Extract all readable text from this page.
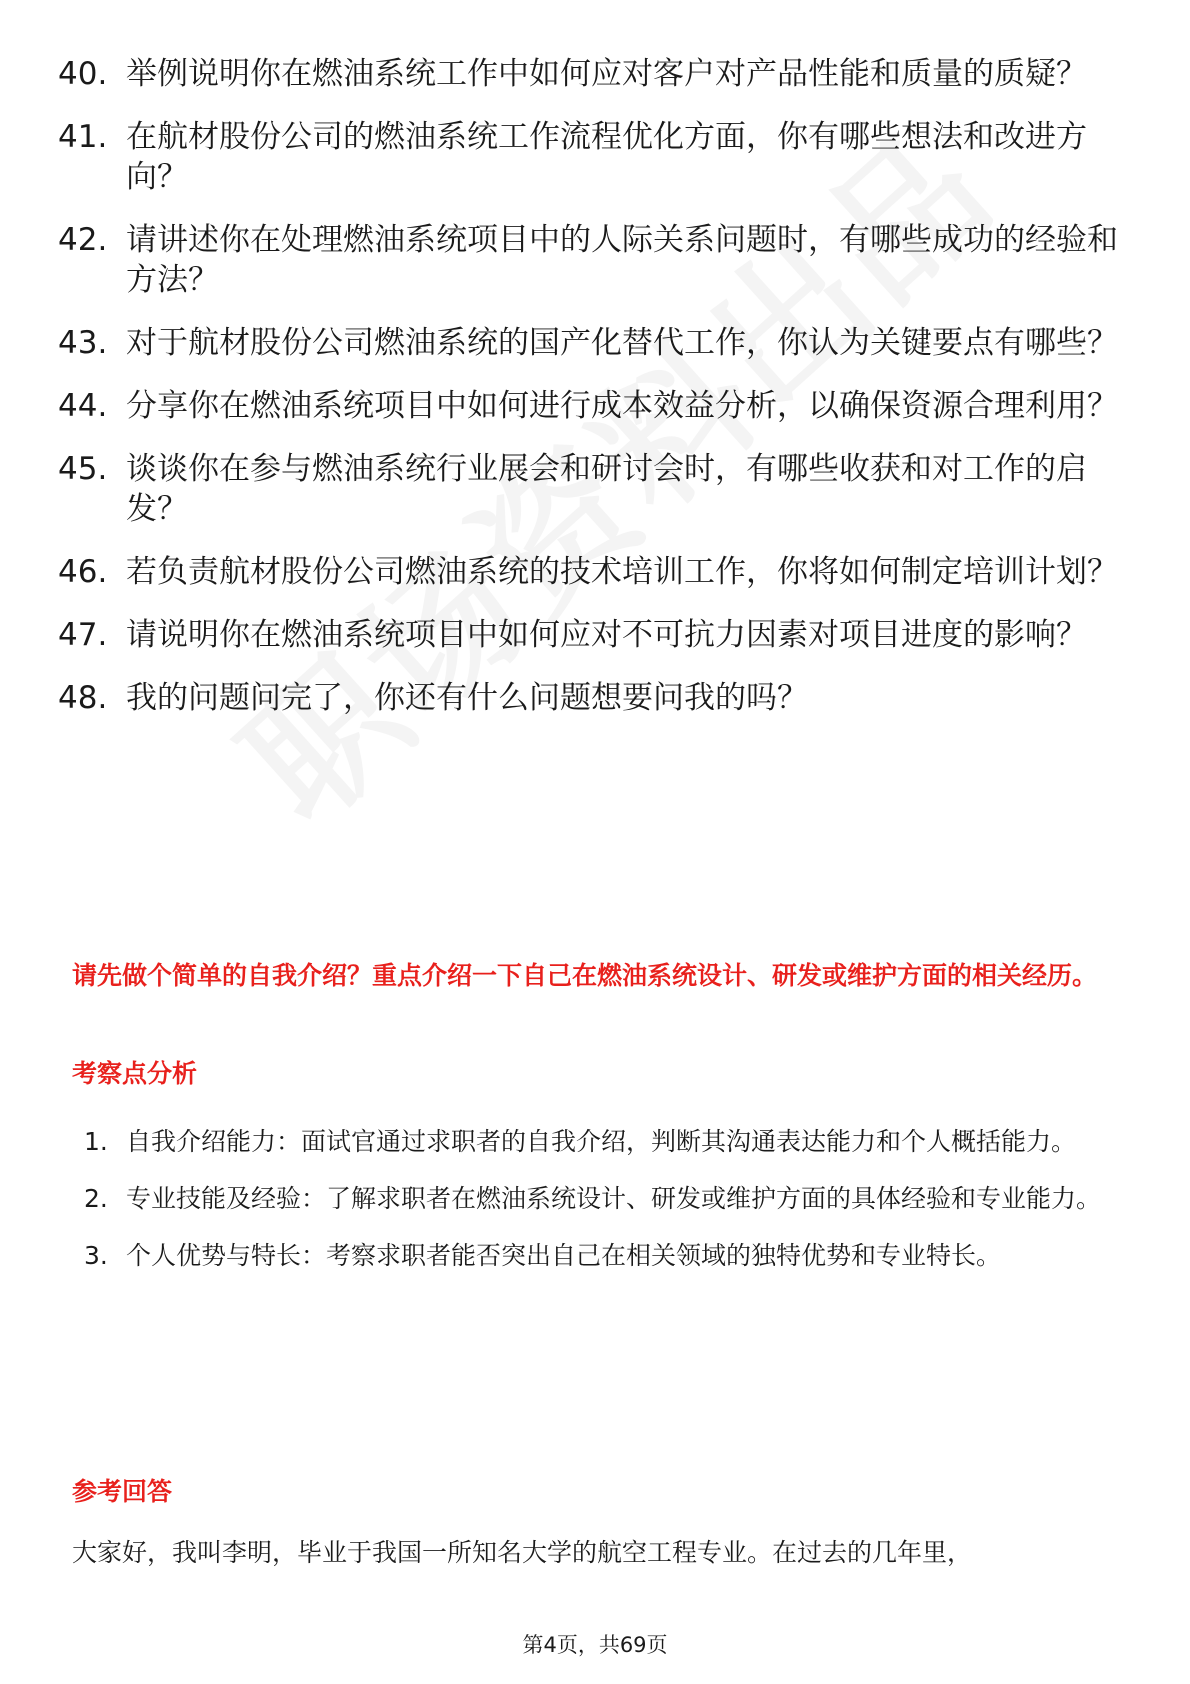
40. 举例说明你在燃油系统工作中如何应对客户对产品性能和质量的质疑？
41. 在航材股份公司的燃油系统工作流程优化方面，你有哪些想法和改进方向？
42. 请讲述你在处理燃油系统项目中的人际关系问题时，有哪些成功的经验和方法？
43. 对于航材股份公司燃油系统的国产化替代工作，你认为关键要点有哪些？
44. 分享你在燃油系统项目中如何进行成本效益分析，以确保资源合理利用？
45. 谈谈你在参与燃油系统行业展会和研讨会时，有哪些收获和对工作的启发？
46. 若负责航材股份公司燃油系统的技术培训工作，你将如何制定培训计划？
47. 请说明你在燃油系统项目中如何应对不可抗力因素对项目进度的影响？
48. 我的问题问完了，你还有什么问题想要问我的吗？
请先做个简单的自我介绍？重点介绍一下自己在燃油系统设计、研发或维护方面的相关经历。
考察点分析
1. 自我介绍能力：面试官通过求职者的自我介绍，判断其沟通表达能力和个人概括能力。
2. 专业技能及经验：了解求职者在燃油系统设计、研发或维护方面的具体经验和专业能力。
3. 个人优势与特长：考察求职者能否突出自己在相关领域的独特优势和专业特长。
参考回答

大家好，我叫李明，毕业于我国一所知名大学的航空工程专业。在过去的几年里，

第4页，共69页
